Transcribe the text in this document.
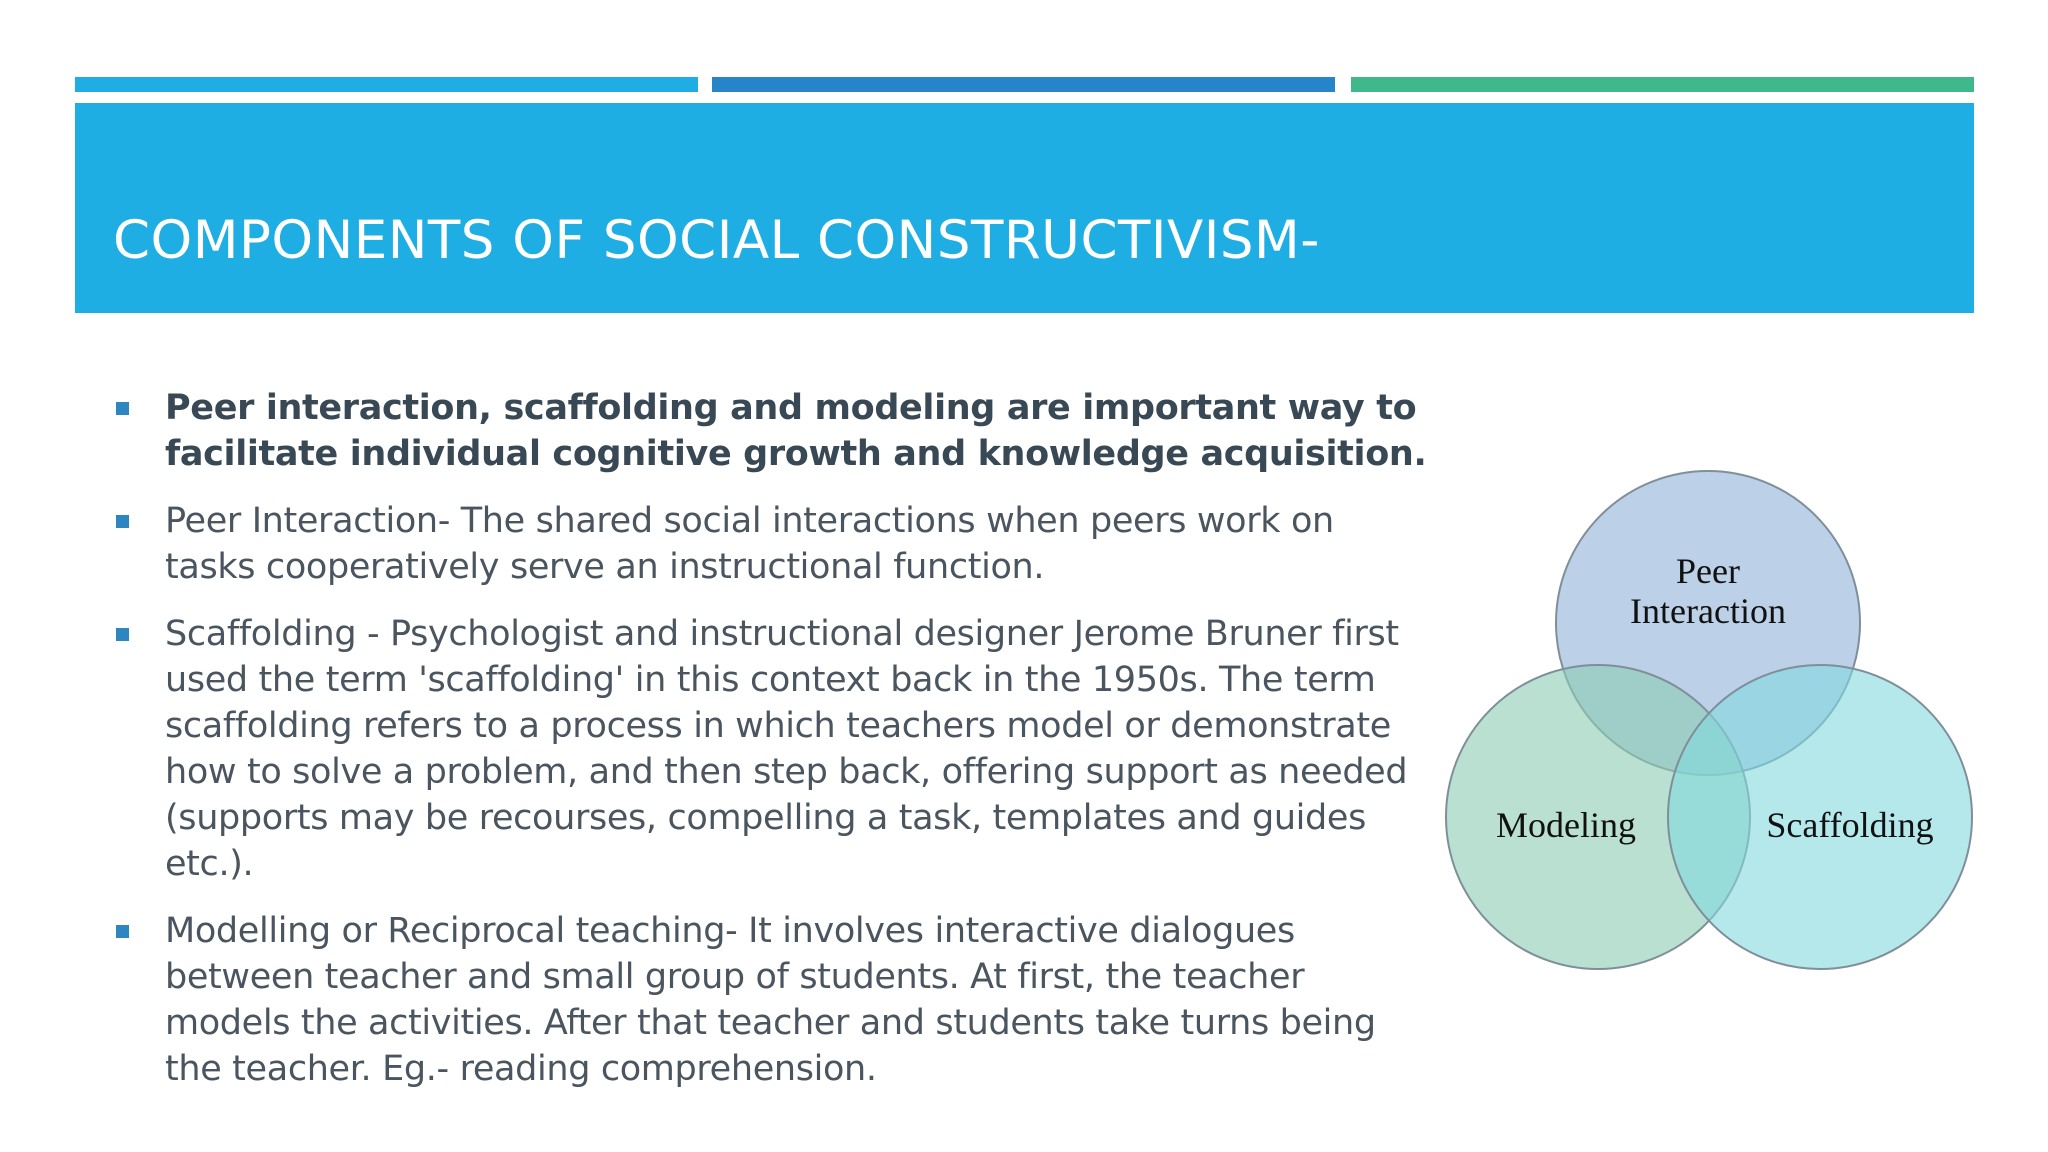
COMPONENTS OF SOCIAL CONSTRUCTIVISM-
Peer interaction, scaffolding and modeling are important way to facilitate individual cognitive growth and knowledge acquisition.
Peer Interaction- The shared social interactions when peers work on tasks cooperatively serve an instructional function.
Scaffolding - Psychologist and instructional designer Jerome Bruner first used the term 'scaffolding' in this context back in the 1950s. The term scaffolding refers to a process in which teachers model or demonstrate how to solve a problem, and then step back, offering support as needed (supports may be recourses, compelling a task, templates and guides etc.).
Modelling or Reciprocal teaching- It involves interactive dialogues between teacher and small group of students. At first, the teacher models the activities. After that teacher and students take turns being the teacher. Eg.- reading comprehension.
Peer
Interaction
Modeling	Scaffolding
